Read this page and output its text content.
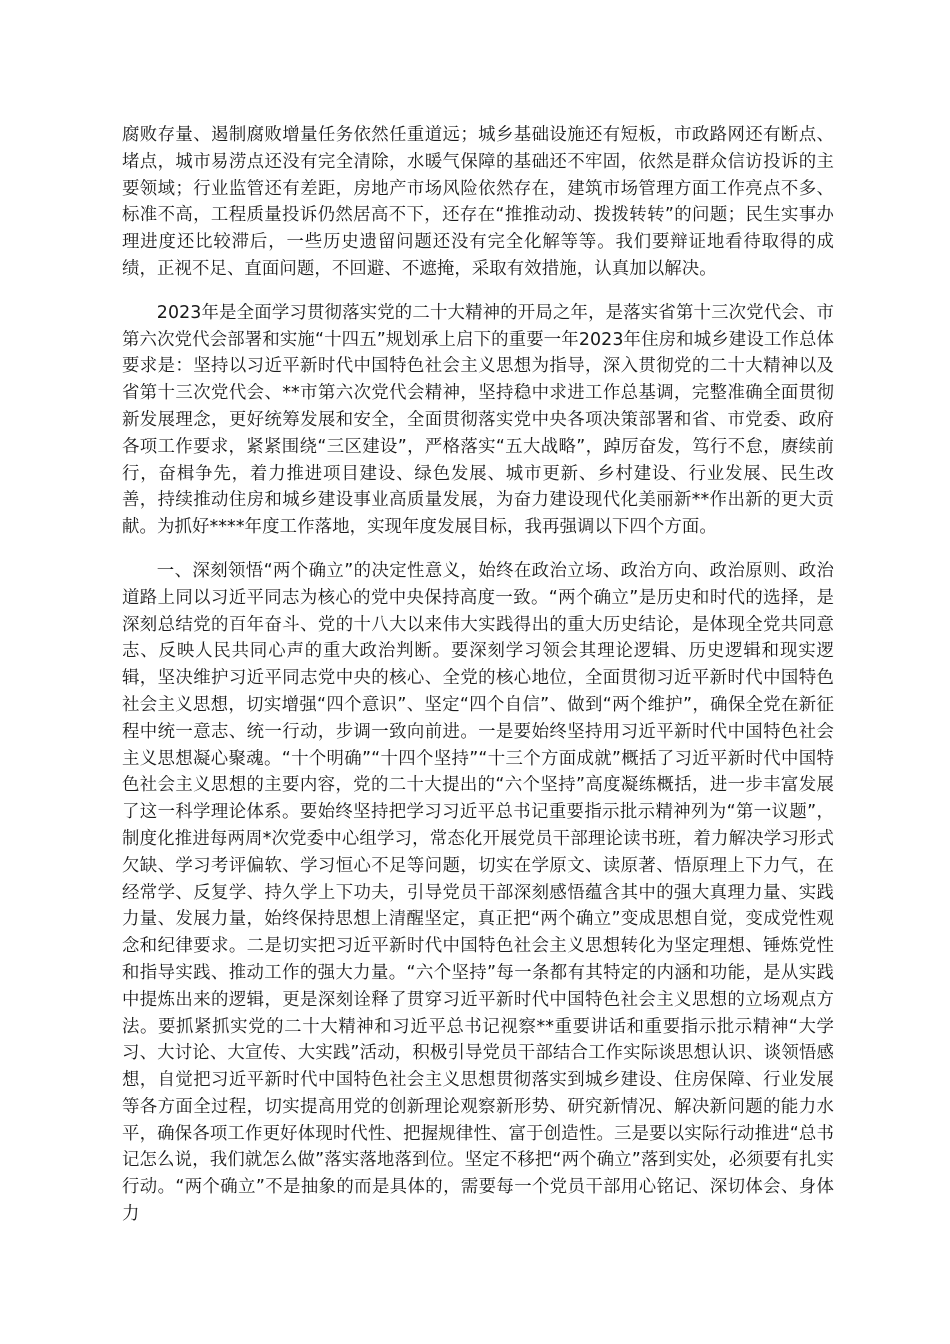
腐败存量、遏制腐败增量任务依然任重道远；城乡基础设施还有短板，市政路网还有断点、堵点，城市易涝点还没有完全清除，水暖气保障的基础还不牢固，依然是群众信访投诉的主要领域；行业监管还有差距，房地产市场风险依然存在，建筑市场管理方面工作亮点不多、标准不高，工程质量投诉仍然居高不下，还存在“推推动动、拨拨转转”的问题；民生实事办理进度还比较滞后，一些历史遗留问题还没有完全化解等等。我们要辩证地看待取得的成绩，正视不足、直面问题，不回避、不遮掩，采取有效措施，认真加以解决。

2023年是全面学习贯彻落实党的二十大精神的开局之年，是落实省第十三次党代会、市第六次党代会部署和实施“十四五”规划承上启下的重要一年2023年住房和城乡建设工作总体要求是：坚持以习近平新时代中国特色社会主义思想为指导，深入贯彻党的二十大精神以及省第十三次党代会、**市第六次党代会精神，坚持稳中求进工作总基调，完整准确全面贯彻新发展理念，更好统筹发展和安全，全面贯彻落实党中央各项决策部署和省、市党委、政府各项工作要求，紧紧围绕“三区建设”，严格落实“五大战略”，踔厉奋发，笃行不怠，赓续前行，奋楫争先，着力推进项目建设、绿色发展、城市更新、乡村建设、行业发展、民生改善，持续推动住房和城乡建设事业高质量发展，为奋力建设现代化美丽新**作出新的更大贡献。为抓好****年度工作落地，实现年度发展目标，我再强调以下四个方面。

一、深刻领悟“两个确立”的决定性意义，始终在政治立场、政治方向、政治原则、政治道路上同以习近平同志为核心的党中央保持高度一致。“两个确立”是历史和时代的选择，是深刻总结党的百年奋斗、党的十八大以来伟大实践得出的重大历史结论，是体现全党共同意志、反映人民共同心声的重大政治判断。要深刻学习领会其理论逻辑、历史逻辑和现实逻辑，坚决维护习近平同志党中央的核心、全党的核心地位，全面贯彻习近平新时代中国特色社会主义思想，切实增强“四个意识”、坚定“四个自信”、做到“两个维护”，确保全党在新征程中统一意志、统一行动，步调一致向前进。一是要始终坚持用习近平新时代中国特色社会主义思想凝心聚魂。“十个明确”“十四个坚持”“十三个方面成就”概括了习近平新时代中国特色社会主义思想的主要内容，党的二十大提出的“六个坚持”高度凝练概括，进一步丰富发展了这一科学理论体系。要始终坚持把学习习近平总书记重要指示批示精神列为“第一议题”，制度化推进每两周*次党委中心组学习，常态化开展党员干部理论读书班，着力解决学习形式欠缺、学习考评偏软、学习恒心不足等问题，切实在学原文、读原著、悟原理上下力气，在经常学、反复学、持久学上下功夫，引导党员干部深刻感悟蕴含其中的强大真理力量、实践力量、发展力量，始终保持思想上清醒坚定，真正把“两个确立”变成思想自觉，变成党性观念和纪律要求。二是切实把习近平新时代中国特色社会主义思想转化为坚定理想、锤炼党性和指导实践、推动工作的强大力量。“六个坚持”每一条都有其特定的内涵和功能，是从实践中提炼出来的逻辑，更是深刻诠释了贯穿习近平新时代中国特色社会主义思想的立场观点方法。要抓紧抓实党的二十大精神和习近平总书记视察**重要讲话和重要指示批示精神“大学习、大讨论、大宣传、大实践”活动，积极引导党员干部结合工作实际谈思想认识、谈领悟感想，自觉把习近平新时代中国特色社会主义思想贯彻落实到城乡建设、住房保障、行业发展等各方面全过程，切实提高用党的创新理论观察新形势、研究新情况、解决新问题的能力水平，确保各项工作更好体现时代性、把握规律性、富于创造性。三是要以实际行动推进“总书记怎么说，我们就怎么做”落实落地落到位。坚定不移把“两个确立”落到实处，必须要有扎实行动。“两个确立”不是抽象的而是具体的，需要每一个党员干部用心铭记、深切体会、身体力
